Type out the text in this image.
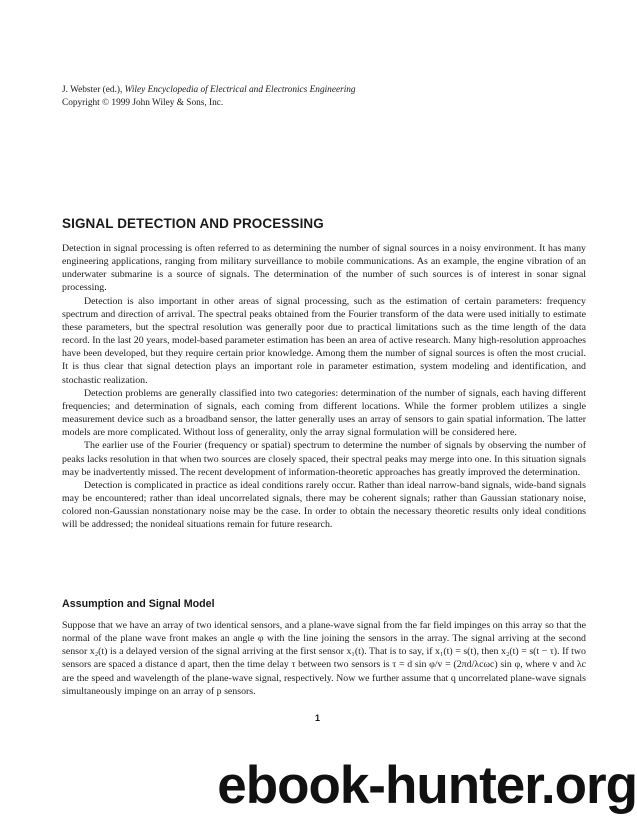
J. Webster (ed.), Wiley Encyclopedia of Electrical and Electronics Engineering
Copyright © 1999 John Wiley & Sons, Inc.
SIGNAL DETECTION AND PROCESSING

Detection in signal processing is often referred to as determining the number of signal sources in a noisy environment. It has many engineering applications, ranging from military surveillance to mobile communications. As an example, the engine vibration of an underwater submarine is a source of signals. The determination of the number of such sources is of interest in sonar signal processing.

Detection is also important in other areas of signal processing, such as the estimation of certain parameters: frequency spectrum and direction of arrival. The spectral peaks obtained from the Fourier transform of the data were used initially to estimate these parameters, but the spectral resolution was generally poor due to practical limitations such as the time length of the data record. In the last 20 years, model-based parameter estimation has been an area of active research. Many high-resolution approaches have been developed, but they require certain prior knowledge. Among them the number of signal sources is often the most crucial. It is thus clear that signal detection plays an important role in parameter estimation, system modeling and identification, and stochastic realization.

Detection problems are generally classified into two categories: determination of the number of signals, each having different frequencies; and determination of signals, each coming from different locations. While the former problem utilizes a single measurement device such as a broadband sensor, the latter generally uses an array of sensors to gain spatial information. The latter models are more complicated. Without loss of generality, only the array signal formulation will be considered here.

The earlier use of the Fourier (frequency or spatial) spectrum to determine the number of signals by observing the number of peaks lacks resolution in that when two sources are closely spaced, their spectral peaks may merge into one. In this situation signals may be inadvertently missed. The recent development of information-theoretic approaches has greatly improved the determination.

Detection is complicated in practice as ideal conditions rarely occur. Rather than ideal narrow-band signals, wide-band signals may be encountered; rather than ideal uncorrelated signals, there may be coherent signals; rather than Gaussian stationary noise, colored non-Gaussian nonstationary noise may be the case. In order to obtain the necessary theoretic results only ideal conditions will be addressed; the nonideal situations remain for future research.

Assumption and Signal Model

Suppose that we have an array of two identical sensors, and a plane-wave signal from the far field impinges on this array so that the normal of the plane wave front makes an angle φ with the line joining the sensors in the array. The signal arriving at the second sensor x₂(t) is a delayed version of the signal arriving at the first sensor x₁(t). That is to say, if x₁(t) = s(t), then x₂(t) = s(t − τ). If two sensors are spaced a distance d apart, then the time delay τ between two sensors is τ = d sin φ/v = (2πd/λcωc) sin φ, where v and λc are the speed and wavelength of the plane-wave signal, respectively. Now we further assume that q uncorrelated plane-wave signals simultaneously impinge on an array of p sensors.

1
ebook-hunter.org
